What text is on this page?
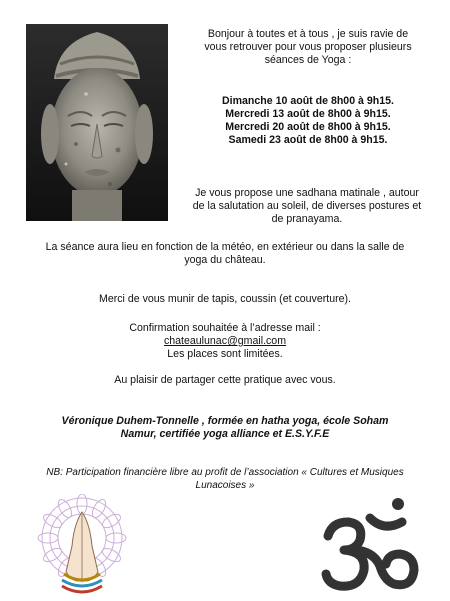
Bonjour à toutes et à tous , je suis ravie de
vous retrouver pour vous proposer plusieurs
séances de Yoga :
Dimanche 10 août de 8h00 à 9h15.
Mercredi 13 août de 8h00 à 9h15.
Mercredi 20 août de 8h00 à 9h15.
Samedi 23 août de 8h00 à 9h15.
Je vous propose une sadhana matinale , autour
de la salutation au soleil, de diverses postures et
de pranayama.
La séance aura lieu en fonction de la météo, en extérieur ou dans la salle de
yoga du château.
Merci de vous munir de tapis, coussin (et couverture).
Confirmation souhaitée à l’adresse mail :
chateaulunac@gmail.com
Les places sont limitées.
Au plaisir de partager cette pratique avec vous.
Véronique Duhem-Tonnelle , formée en hatha yoga, école Soham
Namur, certifiée yoga alliance et E.S.Y.F.E
NB: Participation financière libre au profit de l’association « Cultures et Musiques
Lunacoises »
